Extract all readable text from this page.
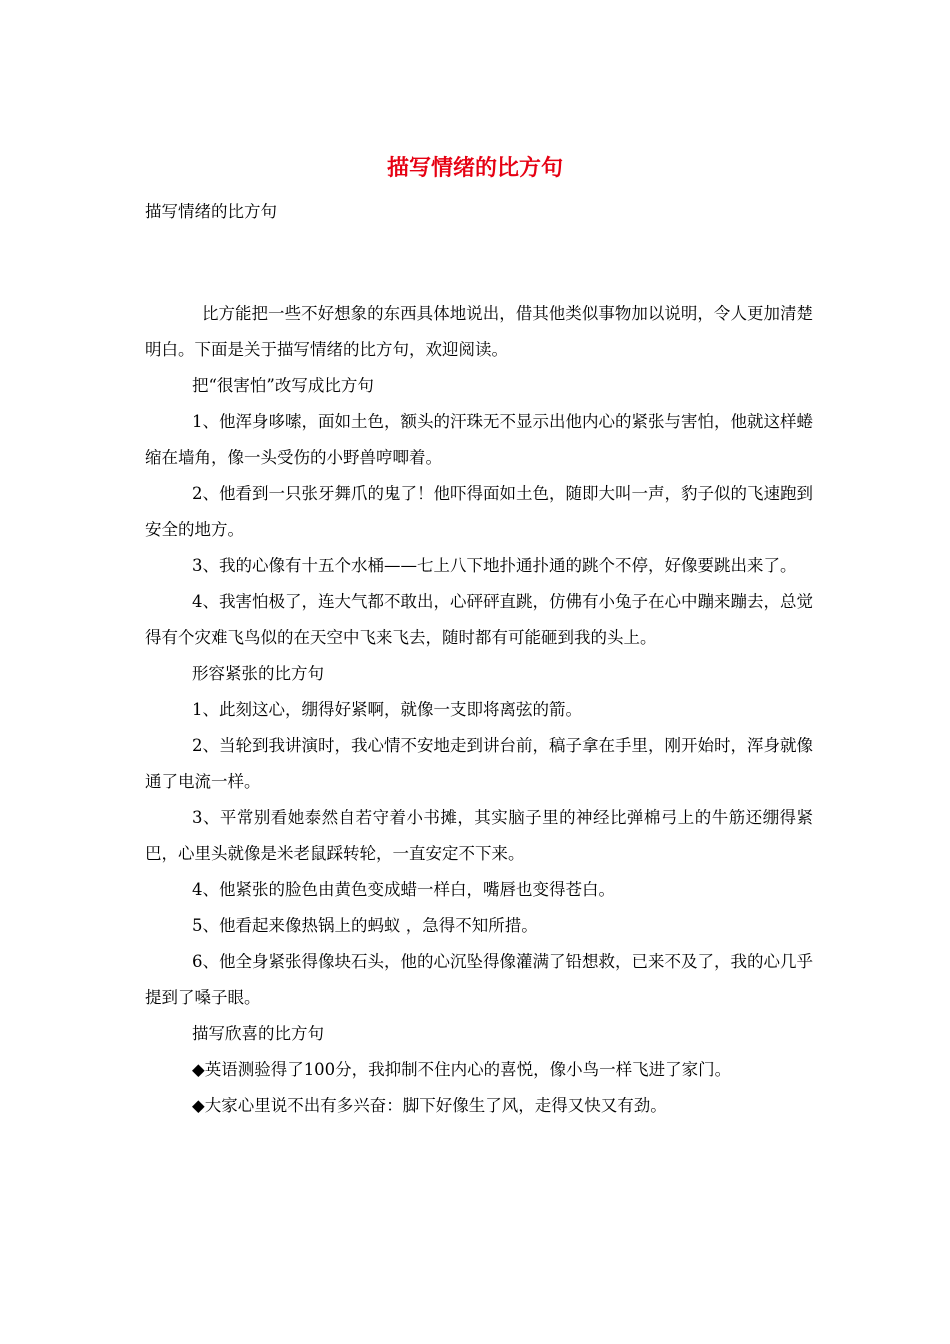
描写情绪的比方句

描写情绪的比方句

比方能把一些不好想象的东西具体地说出，借其他类似事物加以说明，令人更加清楚明白。下面是关于描写情绪的比方句，欢迎阅读。

把“很害怕”改写成比方句

1、他浑身哆嗦，面如土色，额头的汗珠无不显示出他内心的紧张与害怕，他就这样蜷缩在墙角，像一头受伤的小野兽哼唧着。

2、他看到一只张牙舞爪的鬼了！他吓得面如土色，随即大叫一声，豹子似的飞速跑到安全的地方。

3、我的心像有十五个水桶——七上八下地扑通扑通的跳个不停，好像要跳出来了。

4、我害怕极了，连大气都不敢出，心砰砰直跳，仿佛有小兔子在心中蹦来蹦去，总觉得有个灾难飞鸟似的在天空中飞来飞去，随时都有可能砸到我的头上。

形容紧张的比方句

1、此刻这心，绷得好紧啊，就像一支即将离弦的箭。

2、当轮到我讲演时，我心情不安地走到讲台前，稿子拿在手里，刚开始时，浑身就像通了电流一样。

3、平常别看她泰然自若守着小书摊，其实脑子里的神经比弹棉弓上的牛筋还绷得紧巴，心里头就像是米老鼠踩转轮，一直安定不下来。

4、他紧张的脸色由黄色变成蜡一样白，嘴唇也变得苍白。

5、他看起来像热锅上的蚂蚁 ，急得不知所措。

6、他全身紧张得像块石头，他的心沉坠得像灌满了铅想救，已来不及了，我的心几乎提到了嗓子眼。

描写欣喜的比方句

◆英语测验得了100分，我抑制不住内心的喜悦，像小鸟一样飞进了家门。

◆大家心里说不出有多兴奋：脚下好像生了风，走得又快又有劲。
